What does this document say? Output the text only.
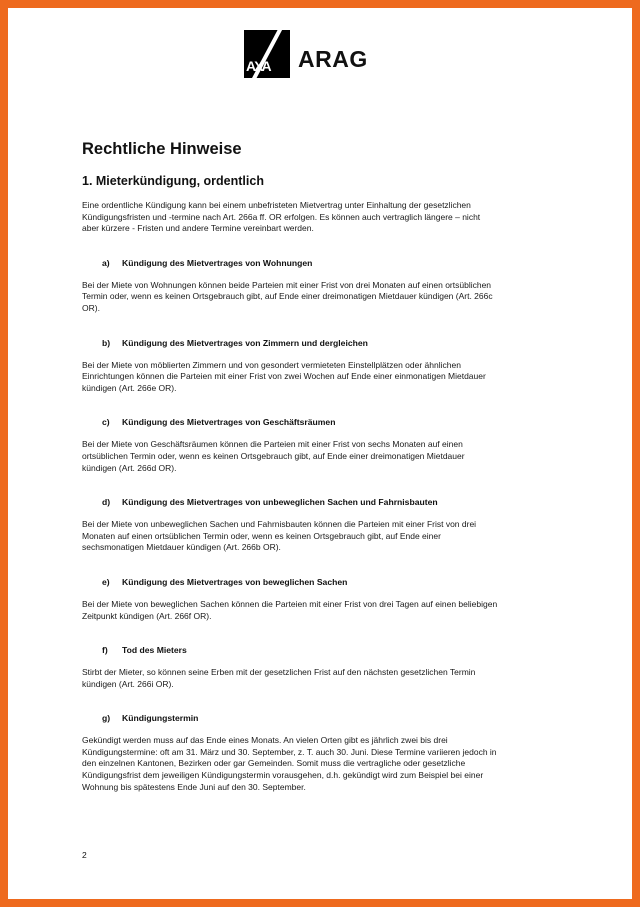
AXA ARAG
Rechtliche Hinweise
1. Mieterkündigung, ordentlich

Eine ordentliche Kündigung kann bei einem unbefristeten Mietvertrag unter Einhaltung der gesetzlichen

Kündigungsfristen und -termine nach Art. 266a ff. OR erfolgen. Es können auch vertraglich längere – nicht

aber kürzere - Fristen und andere Termine vereinbart werden.

a)	Kündigung des Mietvertrages von Wohnungen

Bei der Miete von Wohnungen können beide Parteien mit einer Frist von drei Monaten auf einen ortsüblichen

Termin oder, wenn es keinen Ortsgebrauch gibt, auf Ende einer dreimonatigen Mietdauer kündigen (Art. 266c

OR).

b)	Kündigung des Mietvertrages von Zimmern und dergleichen

Bei der Miete von möblierten Zimmern und von gesondert vermieteten Einstellplätzen oder ähnlichen

Einrichtungen können die Parteien mit einer Frist von zwei Wochen auf Ende einer einmonatigen Mietdauer

kündigen (Art. 266e OR).

c)	Kündigung des Mietvertrages von Geschäftsräumen

Bei der Miete von Geschäftsräumen können die Parteien mit einer Frist von sechs Monaten auf einen

ortsüblichen Termin oder, wenn es keinen Ortsgebrauch gibt, auf Ende einer dreimonatigen Mietdauer

kündigen (Art. 266d OR).

d)	Kündigung des Mietvertrages von unbeweglichen Sachen und Fahrnisbauten

Bei der Miete von unbeweglichen Sachen und Fahrnisbauten können die Parteien mit einer Frist von drei

Monaten auf einen ortsüblichen Termin oder, wenn es keinen Ortsgebrauch gibt, auf Ende einer

sechsmonatigen Mietdauer kündigen (Art. 266b OR).

e)	Kündigung des Mietvertrages von beweglichen Sachen

Bei der Miete von beweglichen Sachen können die Parteien mit einer Frist von drei Tagen auf einen beliebigen

Zeitpunkt kündigen (Art. 266f OR).

f)	Tod des Mieters

Stirbt der Mieter, so können seine Erben mit der gesetzlichen Frist auf den nächsten gesetzlichen Termin

kündigen (Art. 266i OR).

g)	Kündigungstermin

Gekündigt werden muss auf das Ende eines Monats. An vielen Orten gibt es jährlich zwei bis drei

Kündigungstermine: oft am 31. März und 30. September, z. T. auch 30. Juni. Diese Termine variieren jedoch in

den einzelnen Kantonen, Bezirken oder gar Gemeinden. Somit muss die vertragliche oder gesetzliche

Kündigungsfrist dem jeweiligen Kündigungstermin vorausgehen, d.h. gekündigt wird zum Beispiel bei einer

Wohnung bis spätestens Ende Juni auf den 30. September.

2
